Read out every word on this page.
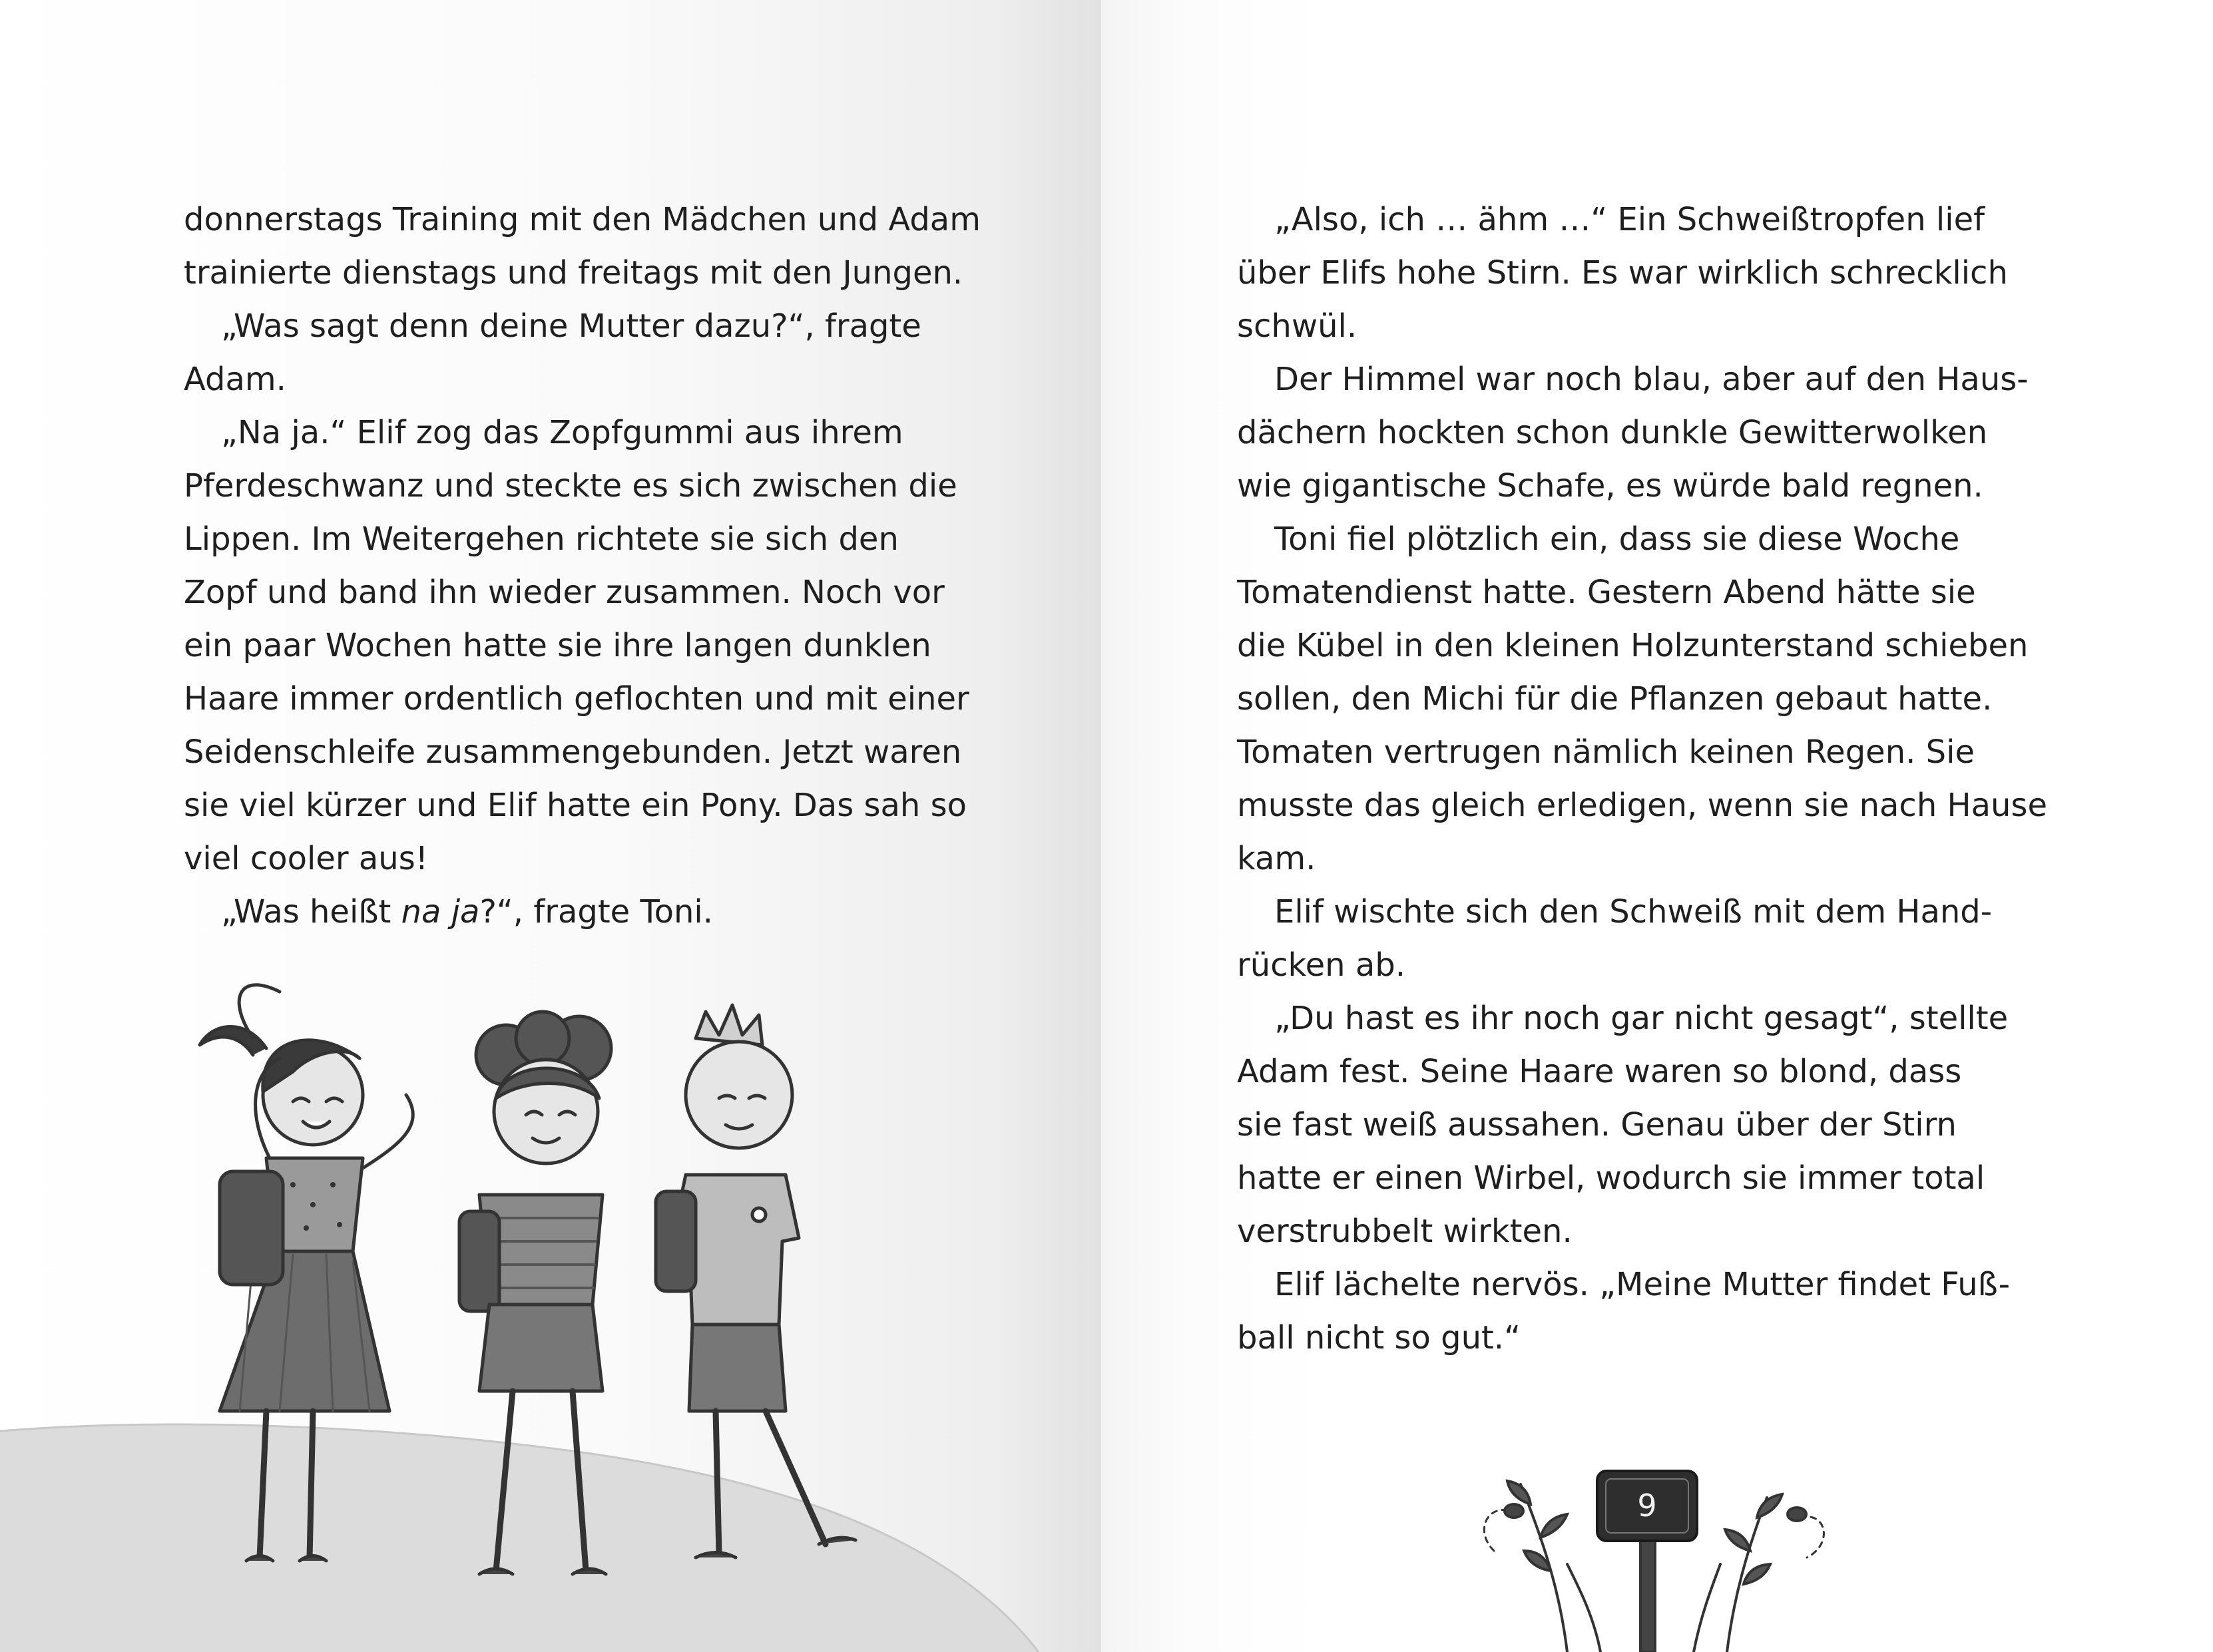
donnerstags Training mit den Mädchen und Adam
trainierte dienstags und freitags mit den Jungen.
„Was sagt denn deine Mutter dazu?“, fragte
Adam.
„Na ja.“ Elif zog das Zopfgummi aus ihrem
Pferdeschwanz und steckte es sich zwischen die
Lippen. Im Weitergehen richtete sie sich den
Zopf und band ihn wieder zusammen. Noch vor
ein paar Wochen hatte sie ihre langen dunklen
Haare immer ordentlich geflochten und mit einer
Seidenschleife zusammengebunden. Jetzt waren
sie viel kürzer und Elif hatte ein Pony. Das sah so
viel cooler aus!
„Was heißt na ja?“, fragte Toni.
„Also, ich … ähm …“ Ein Schweißtropfen lief
über Elifs hohe Stirn. Es war wirklich schrecklich
schwül.
Der Himmel war noch blau, aber auf den Haus-
dächern hockten schon dunkle Gewitterwolken
wie gigantische Schafe, es würde bald regnen.
Toni fiel plötzlich ein, dass sie diese Woche
Tomatendienst hatte. Gestern Abend hätte sie
die Kübel in den kleinen Holzunterstand schieben
sollen, den Michi für die Pflanzen gebaut hatte.
Tomaten vertrugen nämlich keinen Regen. Sie
musste das gleich erledigen, wenn sie nach Hause
kam.
Elif wischte sich den Schweiß mit dem Hand-
rücken ab.
„Du hast es ihr noch gar nicht gesagt“, stellte
Adam fest. Seine Haare waren so blond, dass
sie fast weiß aussahen. Genau über der Stirn
hatte er einen Wirbel, wodurch sie immer total
verstrubbelt wirkten.
Elif lächelte nervös. „Meine Mutter findet Fuß-
ball nicht so gut.“
9
